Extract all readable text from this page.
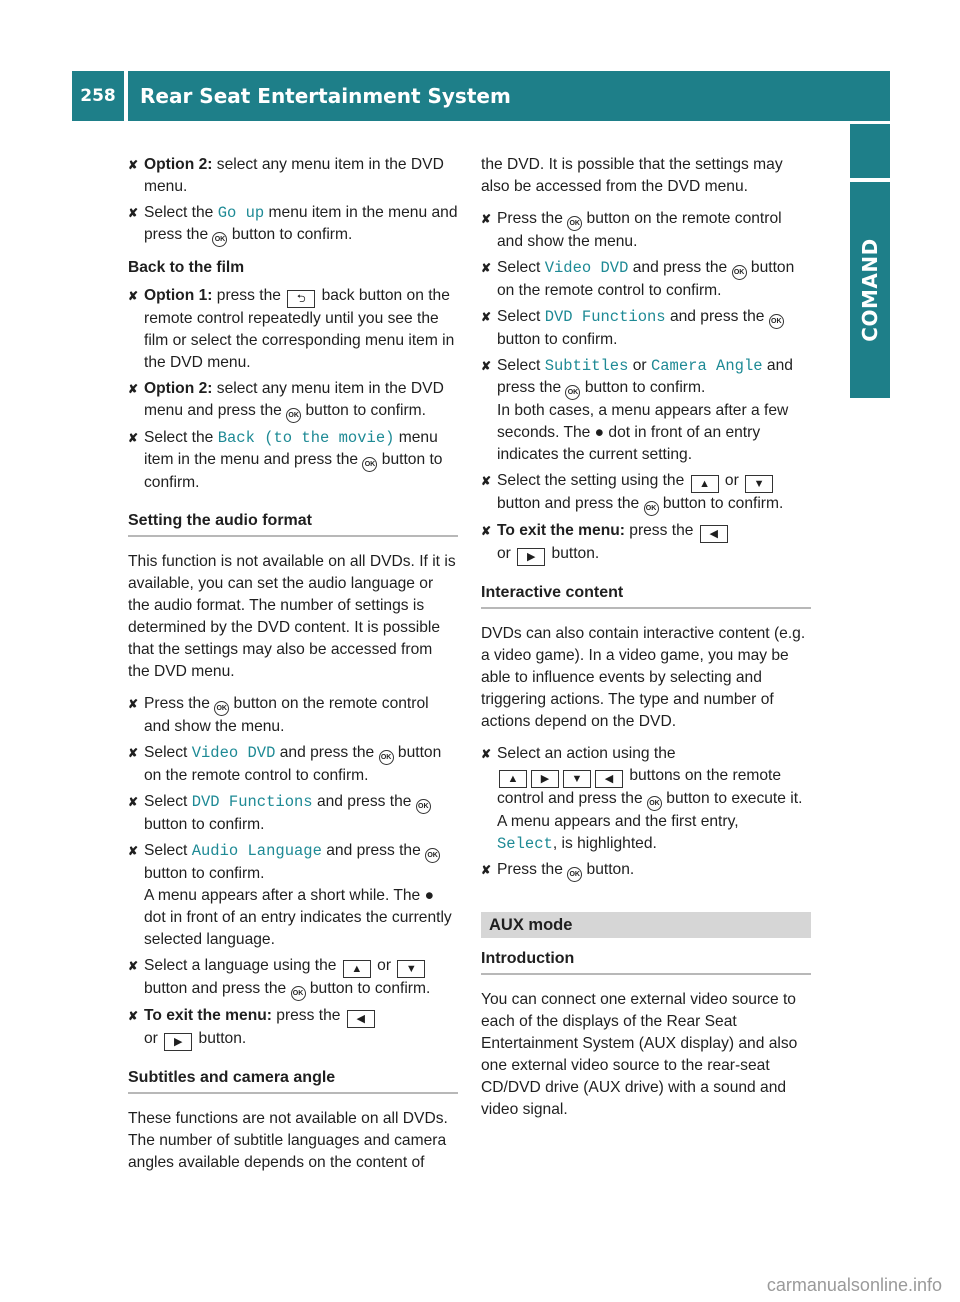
258	Rear Seat Entertainment System
COMAND

✘ Option 2: select any menu item in the DVD menu.

✘ Select the Go up menu item in the menu and press the OK button to confirm.

Back to the film

✘ Option 1: press the ⮌ back button on the remote control repeatedly until you see the film or select the corresponding menu item in the DVD menu.

✘ Option 2: select any menu item in the DVD menu and press the OK button to confirm.

✘ Select the Back (to the movie) menu item in the menu and press the OK button to confirm.

Setting the audio format

This function is not available on all DVDs. If it is available, you can set the audio language or the audio format. The number of settings is determined by the DVD content. It is possible that the settings may also be accessed from the DVD menu.

✘ Press the OK button on the remote control and show the menu.

✘ Select Video DVD and press the OK button on the remote control to confirm.

✘ Select DVD Functions and press the OK button to confirm.

✘ Select Audio Language and press the OK button to confirm.
A menu appears after a short while. The ● dot in front of an entry indicates the currently selected language.

✘ Select a language using the ▲ or ▼ button and press the OK button to confirm.

✘ To exit the menu: press the ◀
or ▶ button.

Subtitles and camera angle

These functions are not available on all DVDs. The number of subtitle languages and camera angles available depends on the content of

the DVD. It is possible that the settings may also be accessed from the DVD menu.

✘ Press the OK button on the remote control and show the menu.

✘ Select Video DVD and press the OK button on the remote control to confirm.

✘ Select DVD Functions and press the OK button to confirm.

✘ Select Subtitles or Camera Angle and press the OK button to confirm.
In both cases, a menu appears after a few seconds. The ● dot in front of an entry indicates the current setting.

✘ Select the setting using the ▲ or ▼ button and press the OK button to confirm.

✘ To exit the menu: press the ◀
or ▶ button.

Interactive content

DVDs can also contain interactive content (e.g. a video game). In a video game, you may be able to influence events by selecting and triggering actions. The type and number of actions depend on the DVD.

✘ Select an action using the
▲ ▶ ▼ ◀ buttons on the remote control and press the OK button to execute it.
A menu appears and the first entry,
Select, is highlighted.

✘ Press the OK button.

AUX mode

Introduction

You can connect one external video source to each of the displays of the Rear Seat Entertainment System (AUX display) and also one external video source to the rear-seat CD/DVD drive (AUX drive) with a sound and video signal.

carmanualsonline.info
